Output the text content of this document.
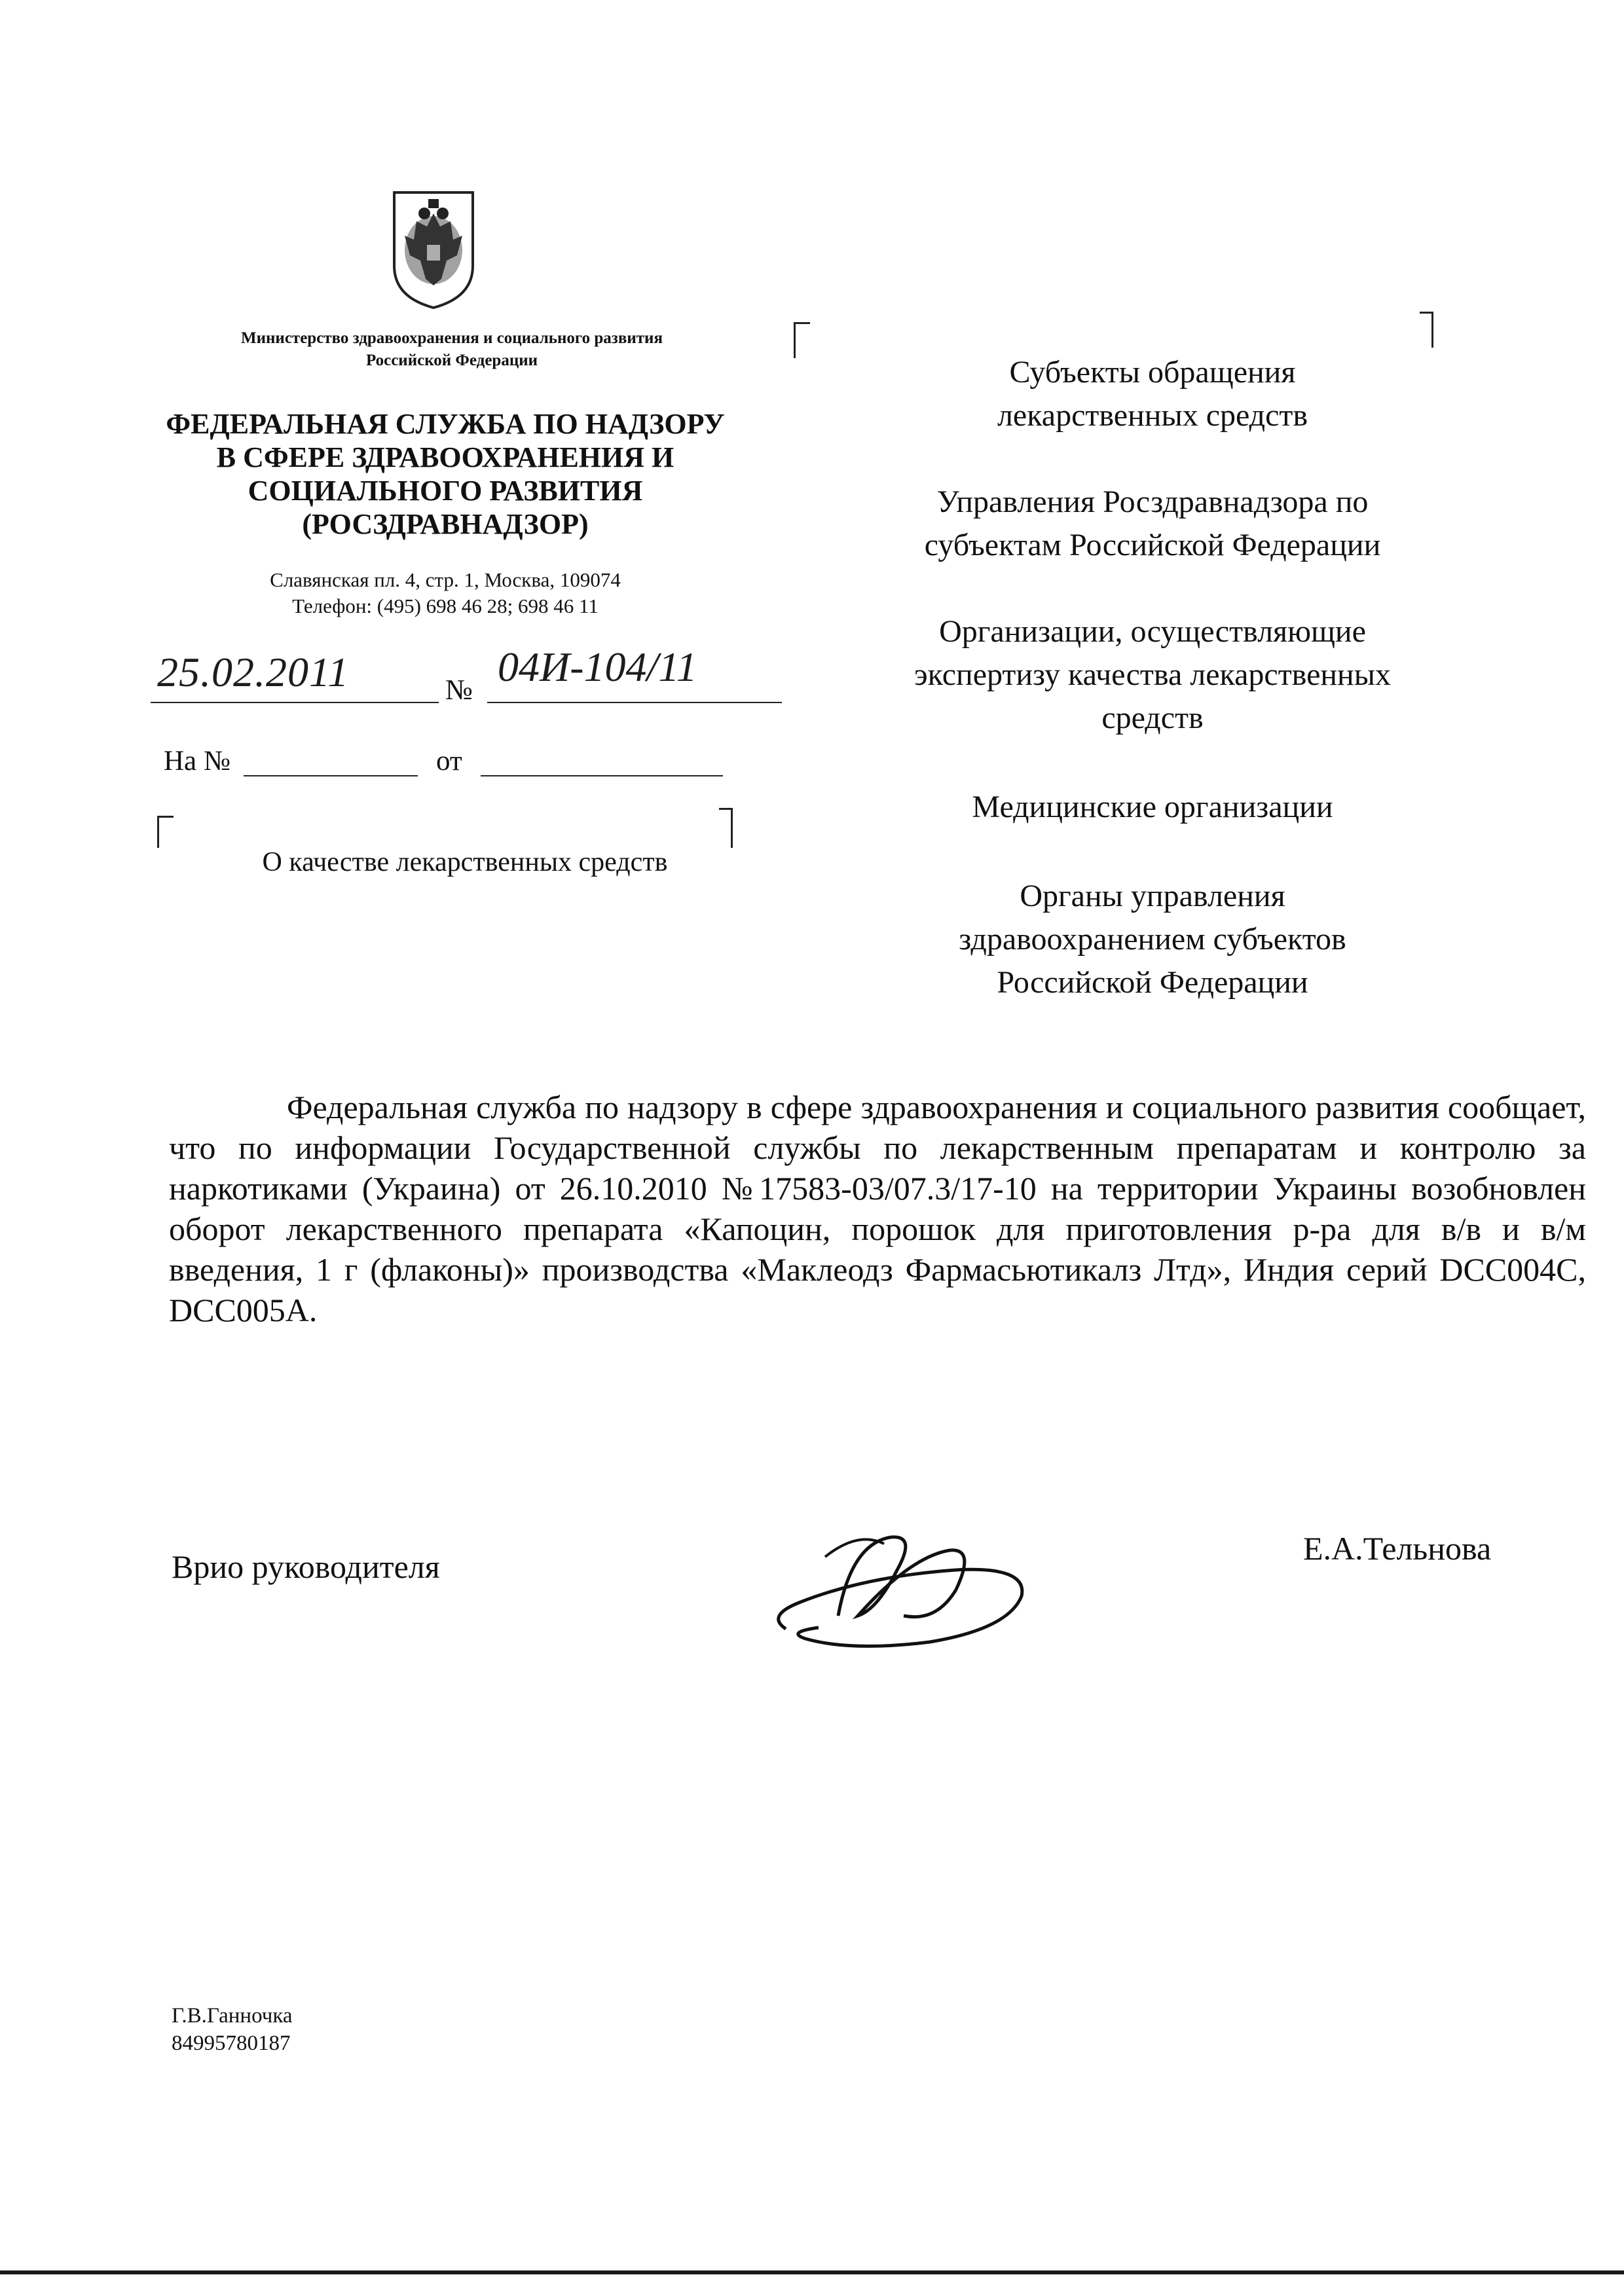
Министерство здравоохранения и социального развития Российской Федерации
ФЕДЕРАЛЬНАЯ СЛУЖБА ПО НАДЗОРУ
В СФЕРЕ ЗДРАВООХРАНЕНИЯ И
СОЦИАЛЬНОГО РАЗВИТИЯ
(РОСЗДРАВНАДЗОР)
Славянская пл. 4, стр. 1, Москва, 109074
Телефон: (495) 698 46 28; 698 46 11
25.02.2011	№ 04И-104/11
На №	от
О качестве лекарственных средств
Субъекты обращения
лекарственных средств
Управления Росздравнадзора по
субъектам Российской Федерации
Организации, осуществляющие
экспертизу качества лекарственных
средств
Медицинские организации
Органы управления
здравоохранением субъектов
Российской Федерации
Федеральная служба по надзору в сфере здравоохранения и социального развития сообщает, что по информации Государственной службы по лекарственным препаратам и контролю за наркотиками (Украина) от 26.10.2010 №17583-03/07.3/17-10 на территории Украины возобновлен оборот лекарственного препарата «Капоцин, порошок для приготовления р-ра для в/в и в/м введения, 1 г (флаконы)» производства «Маклеодз Фармасьютикалз Лтд», Индия серий DCC004C, DCC005A.
Врио руководителя	Е.А.Тельнова
Г.В.Ганночка
84995780187
